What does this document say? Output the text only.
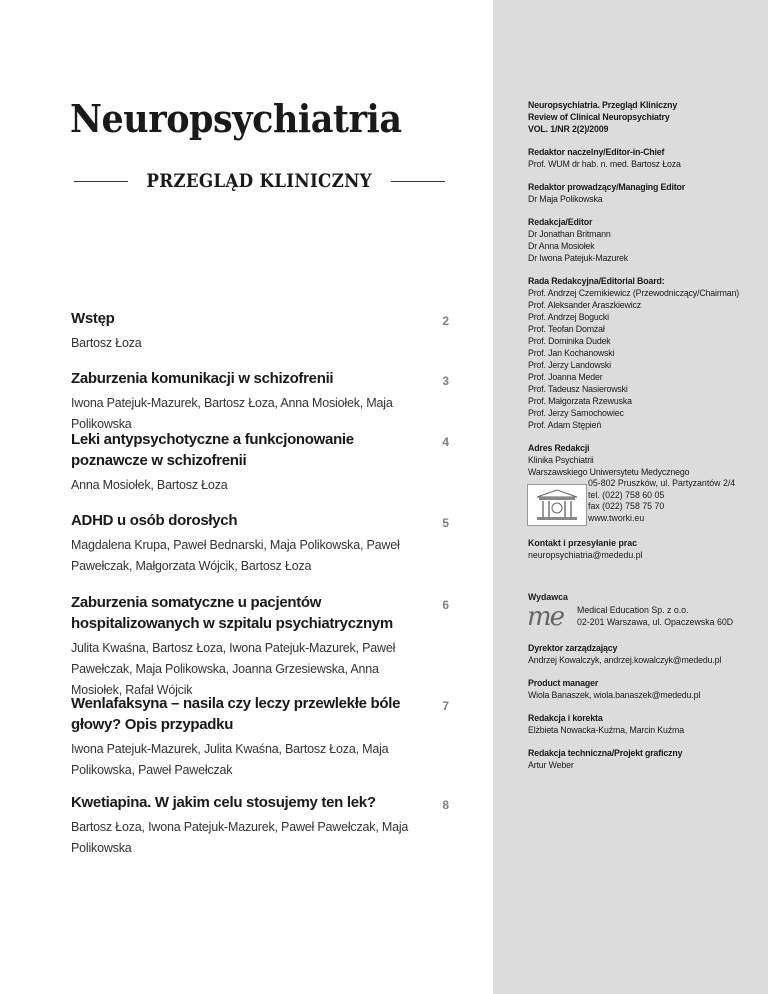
Neuropsychiatria
PRZEGLĄD KLINICZNY
Wstęp
Bartosz Łoza
2
Zaburzenia komunikacji w schizofrenii
Iwona Patejuk-Mazurek, Bartosz Łoza, Anna Mosiołek, Maja Polikowska
3
Leki antypsychotyczne a funkcjonowanie poznawcze w schizofrenii
Anna Mosiołek, Bartosz Łoza
4
ADHD u osób dorosłych
Magdalena Krupa, Paweł Bednarski, Maja Polikowska, Paweł Pawełczak, Małgorzata Wójcik, Bartosz Łoza
5
Zaburzenia somatyczne u pacjentów hospitalizowanych w szpitalu psychiatrycznym
Julita Kwaśna, Bartosz Łoza, Iwona Patejuk-Mazurek, Paweł Pawełczak, Maja Polikowska, Joanna Grzesiewska, Anna Mosiołek, Rafał Wójcik
6
Wenlafaksyna – nasila czy leczy przewlekłe bóle głowy? Opis przypadku
Iwona Patejuk-Mazurek, Julita Kwaśna, Bartosz Łoza, Maja Polikowska, Paweł Pawełczak
7
Kwetiapina. W jakim celu stosujemy ten lek?
Bartosz Łoza, Iwona Patejuk-Mazurek, Paweł Pawełczak, Maja Polikowska
8
Neuropsychiatria. Przegląd Kliniczny
Review of Clinical Neuropsychiatry
VOL. 1/NR 2(2)/2009
Redaktor naczelny/Editor-in-Chief
Prof. WUM dr hab. n. med. Bartosz Łoza
Redaktor prowadzący/Managing Editor
Dr Maja Polikowska
Redakcja/Editor
Dr Jonathan Britmann
Dr Anna Mosiołek
Dr Iwona Patejuk-Mazurek
Rada Redakcyjna/Editorial Board:
Prof. Andrzej Czernikiewicz (Przewodniczący/Chairman)
Prof. Aleksander Araszkiewicz
Prof. Andrzej Bogucki
Prof. Teofan Domżał
Prof. Dominika Dudek
Prof. Jan Kochanowski
Prof. Jerzy Landowski
Prof. Joanna Meder
Prof. Tadeusz Nasierowski
Prof. Małgorzata Rzewuska
Prof. Jerzy Samochowiec
Prof. Adam Stępień
Adres Redakcji
Klinika Psychiatrii
Warszawskiego Uniwersytetu Medycznego
05-802 Pruszków, ul. Partyzantów 2/4
tel. (022) 758 60 05
fax (022) 758 75 70
www.tworki.eu
Kontakt i przesyłanie prac
neuropsychiatria@mededu.pl
Wydawca
me	Medical Education Sp. z o.o.
02-201 Warszawa, ul. Opaczewska 60D
Dyrektor zarządzający
Andrzej Kowalczyk, andrzej.kowalczyk@mededu.pl
Product manager
Wiola Banaszek, wiola.banaszek@mededu.pl
Redakcja i korekta
Elżbieta Nowacka-Kuźma, Marcin Kuźma
Redakcja techniczna/Projekt graficzny
Artur Weber
